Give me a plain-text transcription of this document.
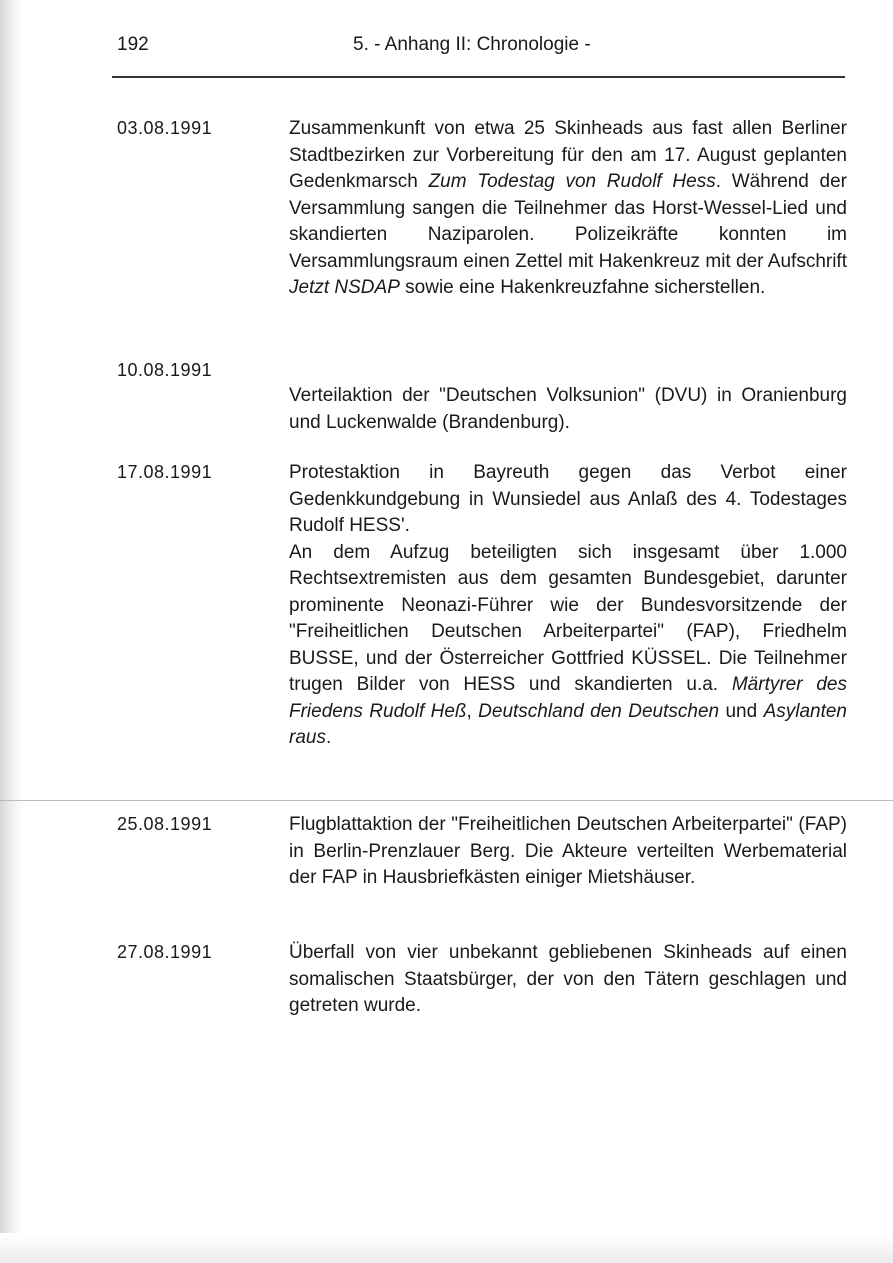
192	5. - Anhang II: Chronologie -
03.08.1991	Zusammenkunft von etwa 25 Skinheads aus fast allen Berliner Stadtbezirken zur Vorbereitung für den am 17. August geplanten Gedenkmarsch Zum Todestag von Rudolf Hess. Während der Versammlung sangen die Teilnehmer das Horst-Wessel-Lied und skandierten Naziparolen. Polizeikräfte konnten im Versammlungsraum einen Zettel mit Hakenkreuz mit der Aufschrift Jetzt NSDAP sowie eine Hakenkreuzfahne sicherstellen.
10.08.1991
Verteilaktion der "Deutschen Volksunion" (DVU) in Oranienburg und Luckenwalde (Brandenburg).
17.08.1991	Protestaktion in Bayreuth gegen das Verbot einer Gedenkkundgebung in Wunsiedel aus Anlaß des 4. Todestages Rudolf HESS'.
An dem Aufzug beteiligten sich insgesamt über 1.000 Rechtsextremisten aus dem gesamten Bundesgebiet, darunter prominente Neonazi-Führer wie der Bundesvorsitzende der "Freiheitlichen Deutschen Arbeiterpartei" (FAP), Friedhelm BUSSE, und der Österreicher Gottfried KÜSSEL. Die Teilnehmer trugen Bilder von HESS und skandierten u.a. Märtyrer des Friedens Rudolf Heß, Deutschland den Deutschen und Asylanten raus.
25.08.1991	Flugblattaktion der "Freiheitlichen Deutschen Arbeiterpartei" (FAP) in Berlin-Prenzlauer Berg. Die Akteure verteilten Werbematerial der FAP in Hausbriefkästen einiger Mietshäuser.
27.08.1991	Überfall von vier unbekannt gebliebenen Skinheads auf einen somalischen Staatsbürger, der von den Tätern geschlagen und getreten wurde.
